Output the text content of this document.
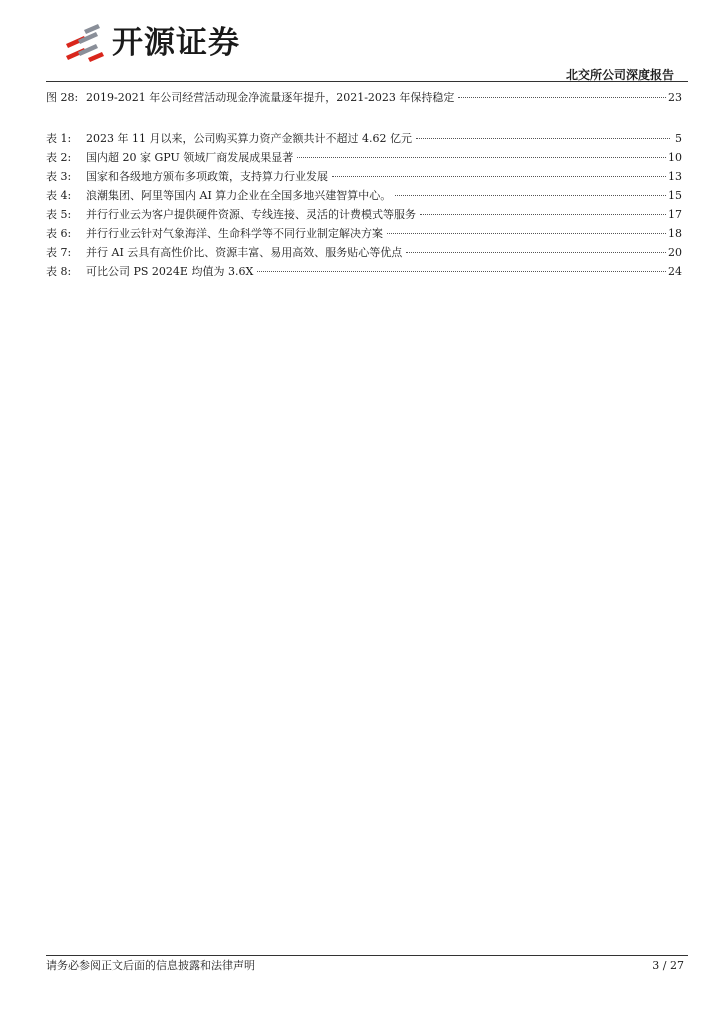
开源证券
北交所公司深度报告
图 28: 2019-2021 年公司经营活动现金净流量逐年提升，2021-2023 年保持稳定	23
表 1:	2023 年 11 月以来，公司购买算力资产金额共计不超过 4.62 亿元	5
表 2:	国内超 20 家 GPU 领域厂商发展成果显著	10
表 3:	国家和各级地方颁布多项政策，支持算力行业发展	13
表 4:	浪潮集团、阿里等国内 AI 算力企业在全国多地兴建智算中心。	15
表 5:	并行行业云为客户提供硬件资源、专线连接、灵活的计费模式等服务	17
表 6:	并行行业云针对气象海洋、生命科学等不同行业制定解决方案	18
表 7:	并行 AI 云具有高性价比、资源丰富、易用高效、服务贴心等优点	20
表 8:	可比公司 PS 2024E 均值为 3.6X	24
请务必参阅正文后面的信息披露和法律声明	3 / 27
